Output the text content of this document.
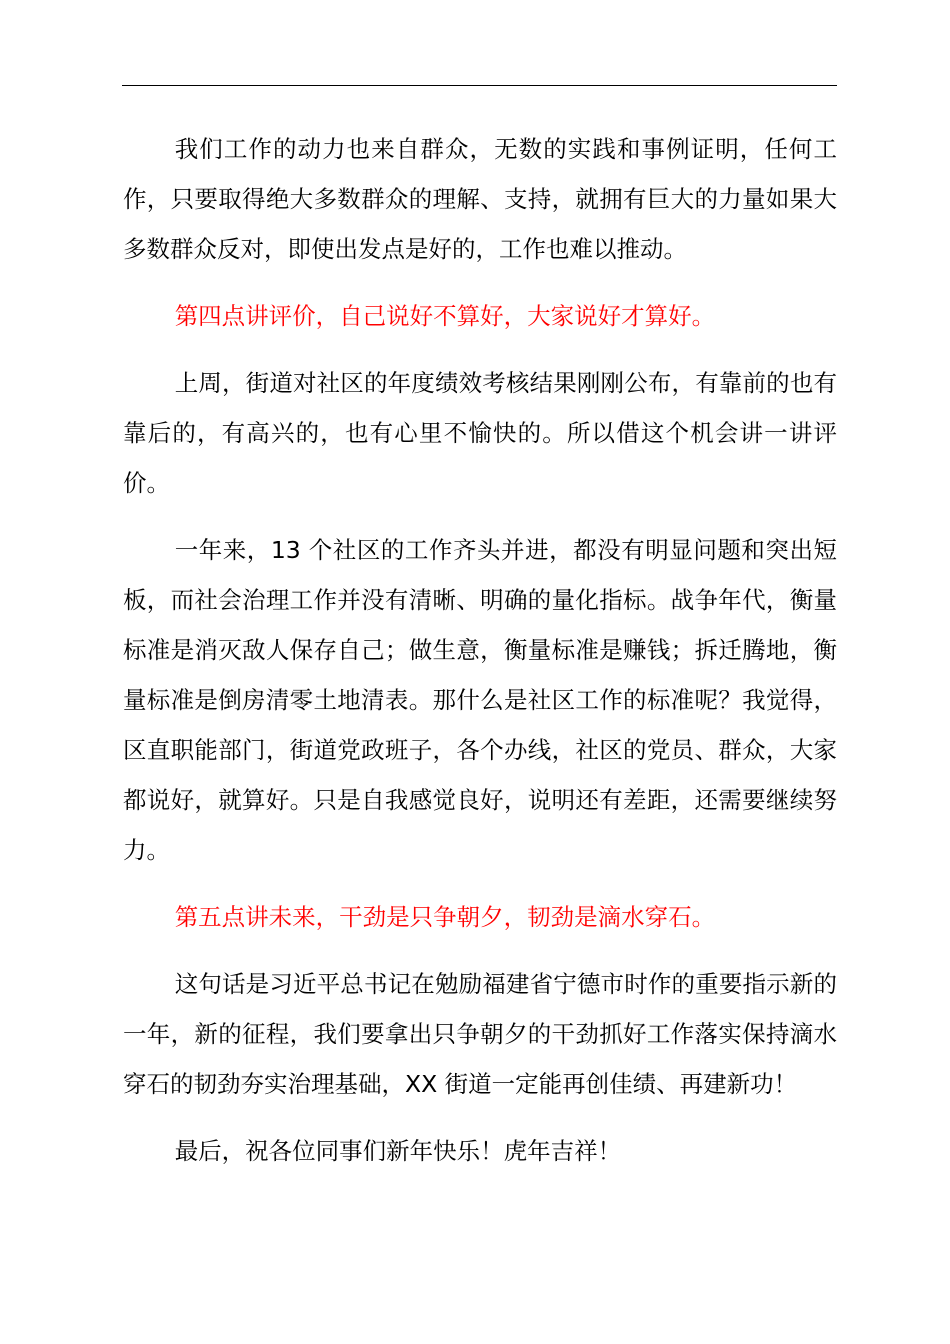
我们工作的动力也来自群众，无数的实践和事例证明，任何工作，只要取得绝大多数群众的理解、支持，就拥有巨大的力量如果大多数群众反对，即使出发点是好的，工作也难以推动。

第四点讲评价，自己说好不算好，大家说好才算好。

上周，街道对社区的年度绩效考核结果刚刚公布，有靠前的也有靠后的，有高兴的，也有心里不愉快的。所以借这个机会讲一讲评价。

一年来，13 个社区的工作齐头并进，都没有明显问题和突出短板，而社会治理工作并没有清晰、明确的量化指标。战争年代，衡量标准是消灭敌人保存自己；做生意，衡量标准是赚钱；拆迁腾地，衡量标准是倒房清零土地清表。那什么是社区工作的标准呢？我觉得，区直职能部门，街道党政班子，各个办线，社区的党员、群众，大家都说好，就算好。只是自我感觉良好，说明还有差距，还需要继续努力。

第五点讲未来，干劲是只争朝夕，韧劲是滴水穿石。

这句话是习近平总书记在勉励福建省宁德市时作的重要指示新的一年，新的征程，我们要拿出只争朝夕的干劲抓好工作落实保持滴水穿石的韧劲夯实治理基础，XX 街道一定能再创佳绩、再建新功！

最后，祝各位同事们新年快乐！虎年吉祥！
